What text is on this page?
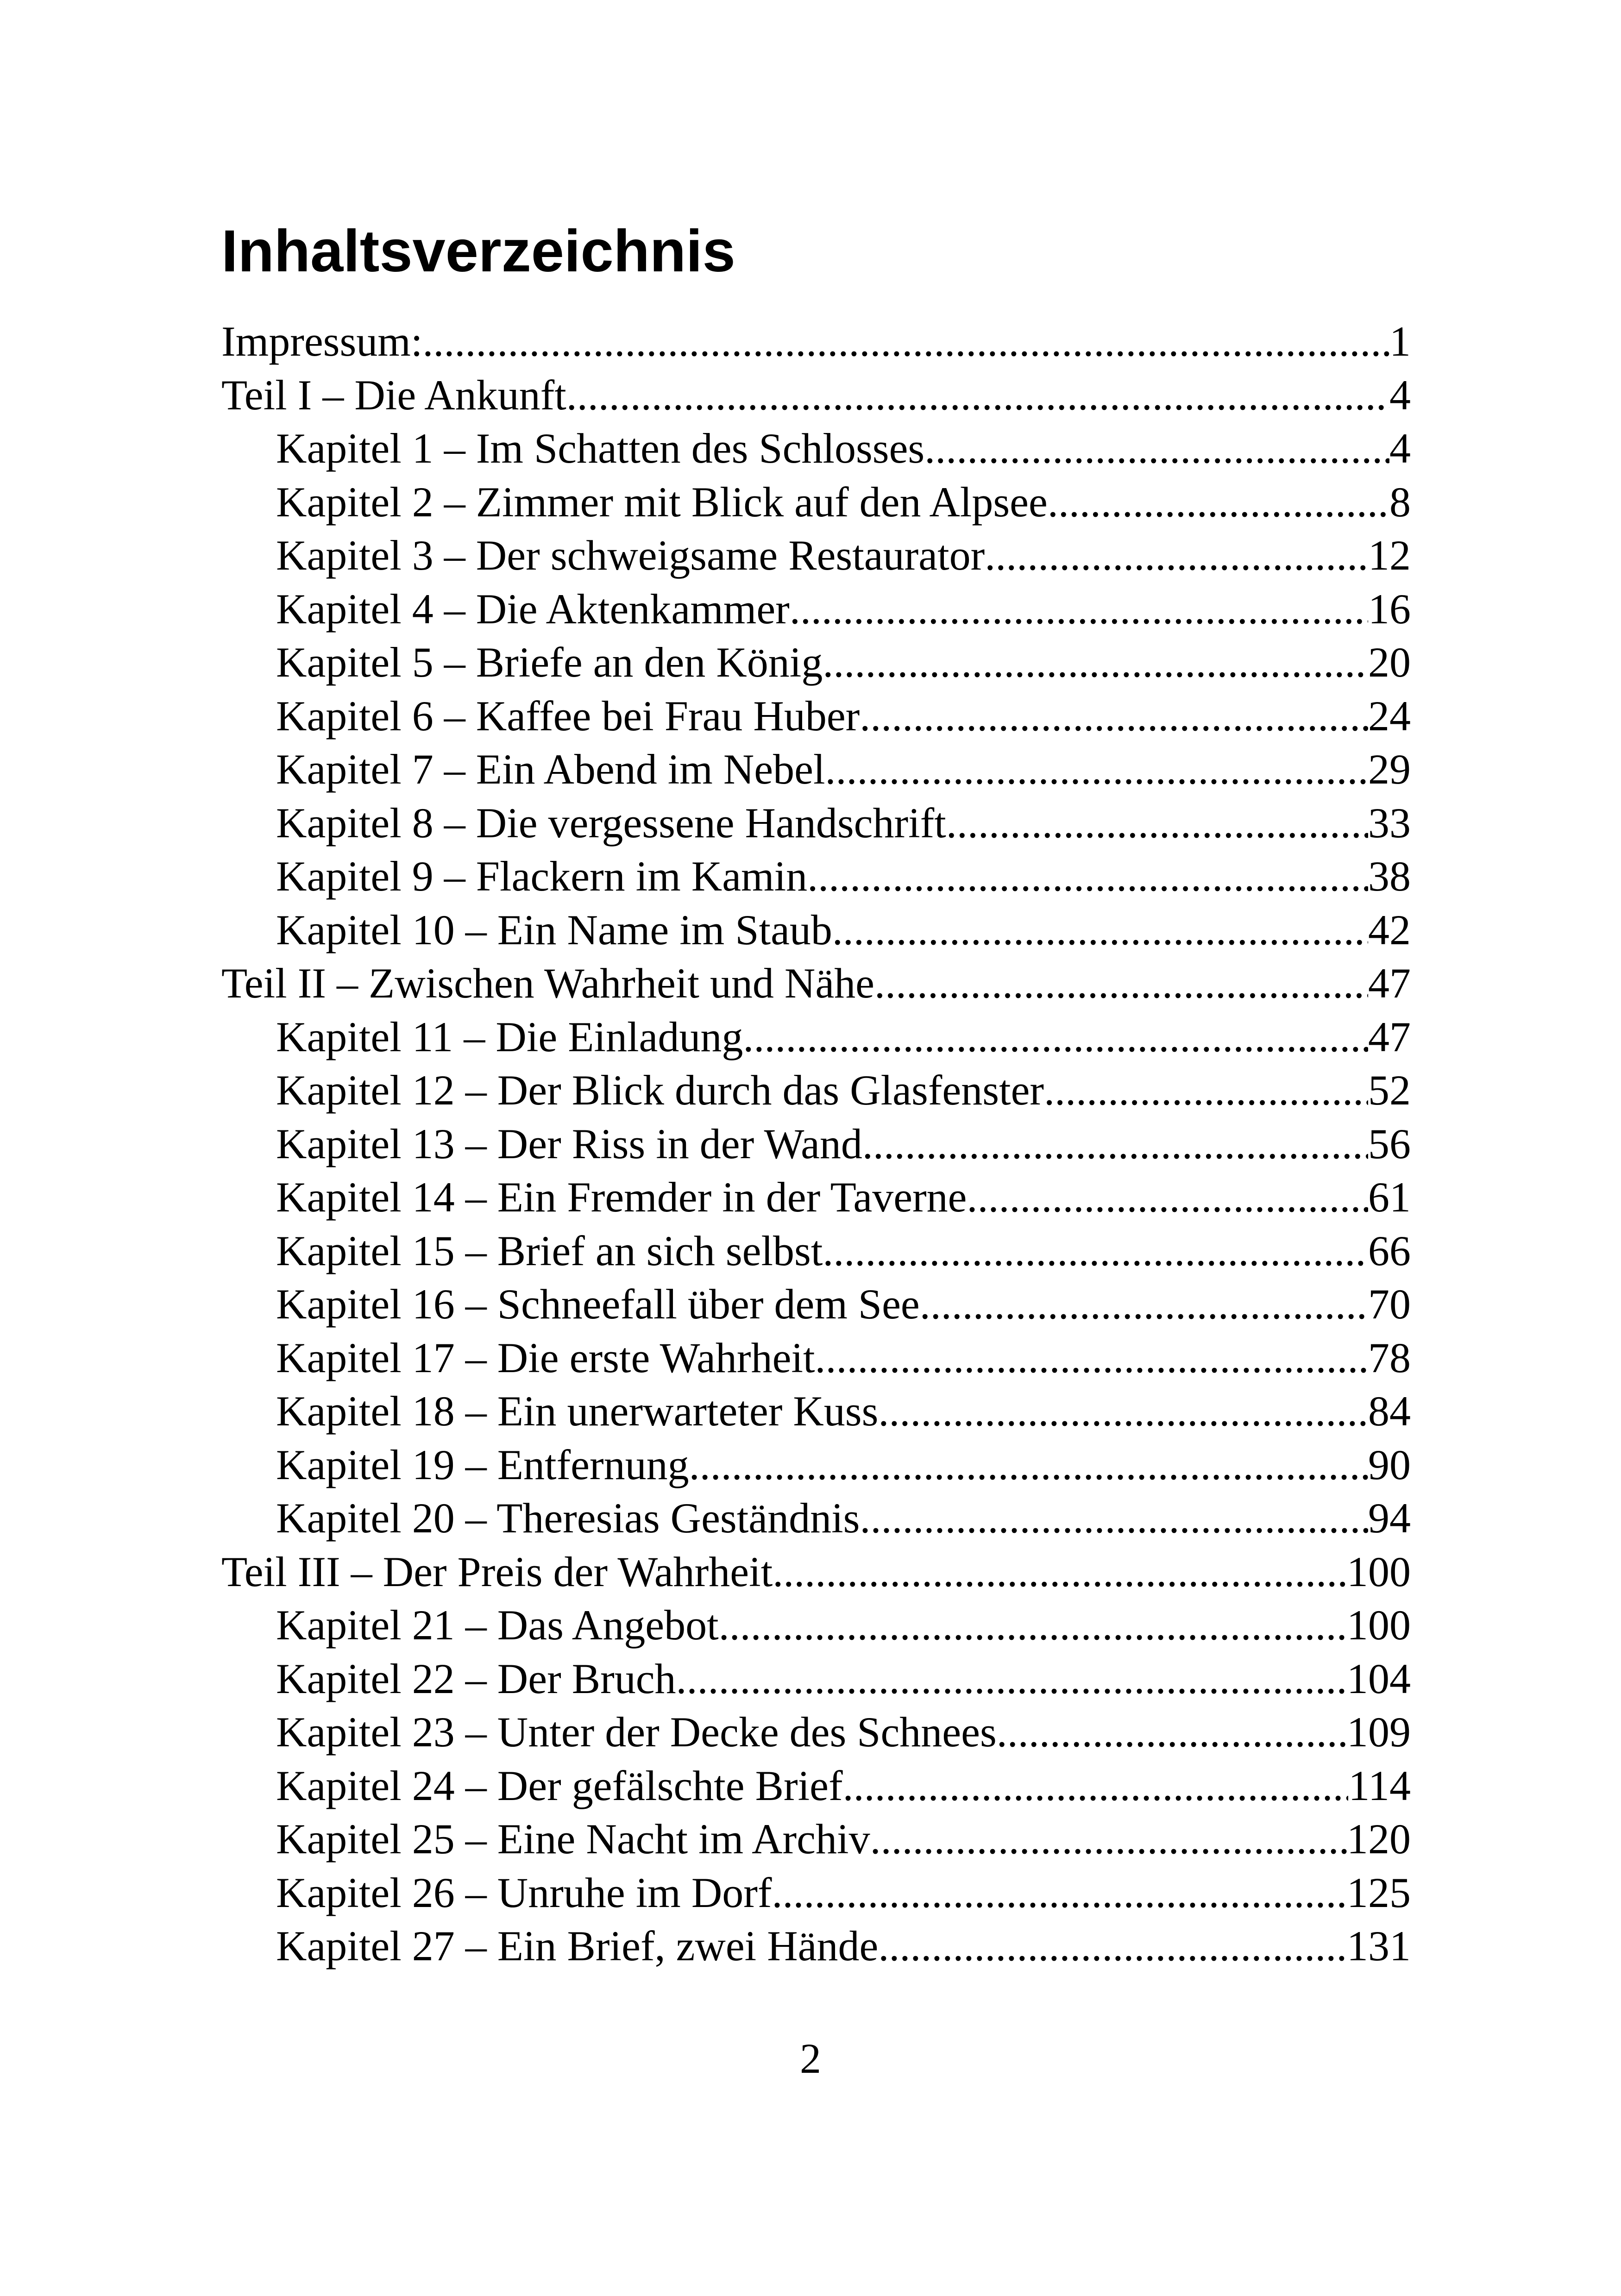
Inhaltsverzeichnis
Impressum: .....	1
Teil I – Die Ankunft .....	4
Kapitel 1 – Im Schatten des Schlosses .....	4
Kapitel 2 – Zimmer mit Blick auf den Alpsee .....	8
Kapitel 3 – Der schweigsame Restaurator .....	12
Kapitel 4 – Die Aktenkammer .....	16
Kapitel 5 – Briefe an den König .....	20
Kapitel 6 – Kaffee bei Frau Huber .....	24
Kapitel 7 – Ein Abend im Nebel .....	29
Kapitel 8 – Die vergessene Handschrift .....	33
Kapitel 9 – Flackern im Kamin .....	38
Kapitel 10 – Ein Name im Staub .....	42
Teil II – Zwischen Wahrheit und Nähe .....	47
Kapitel 11 – Die Einladung .....	47
Kapitel 12 – Der Blick durch das Glasfenster .....	52
Kapitel 13 – Der Riss in der Wand .....	56
Kapitel 14 – Ein Fremder in der Taverne .....	61
Kapitel 15 – Brief an sich selbst .....	66
Kapitel 16 – Schneefall über dem See .....	70
Kapitel 17 – Die erste Wahrheit .....	78
Kapitel 18 – Ein unerwarteter Kuss .....	84
Kapitel 19 – Entfernung .....	90
Kapitel 20 – Theresias Geständnis .....	94
Teil III – Der Preis der Wahrheit .....	100
Kapitel 21 – Das Angebot .....	100
Kapitel 22 – Der Bruch .....	104
Kapitel 23 – Unter der Decke des Schnees .....	109
Kapitel 24 – Der gefälschte Brief .....	114
Kapitel 25 – Eine Nacht im Archiv .....	120
Kapitel 26 – Unruhe im Dorf .....	125
Kapitel 27 – Ein Brief, zwei Hände .....	131
2
